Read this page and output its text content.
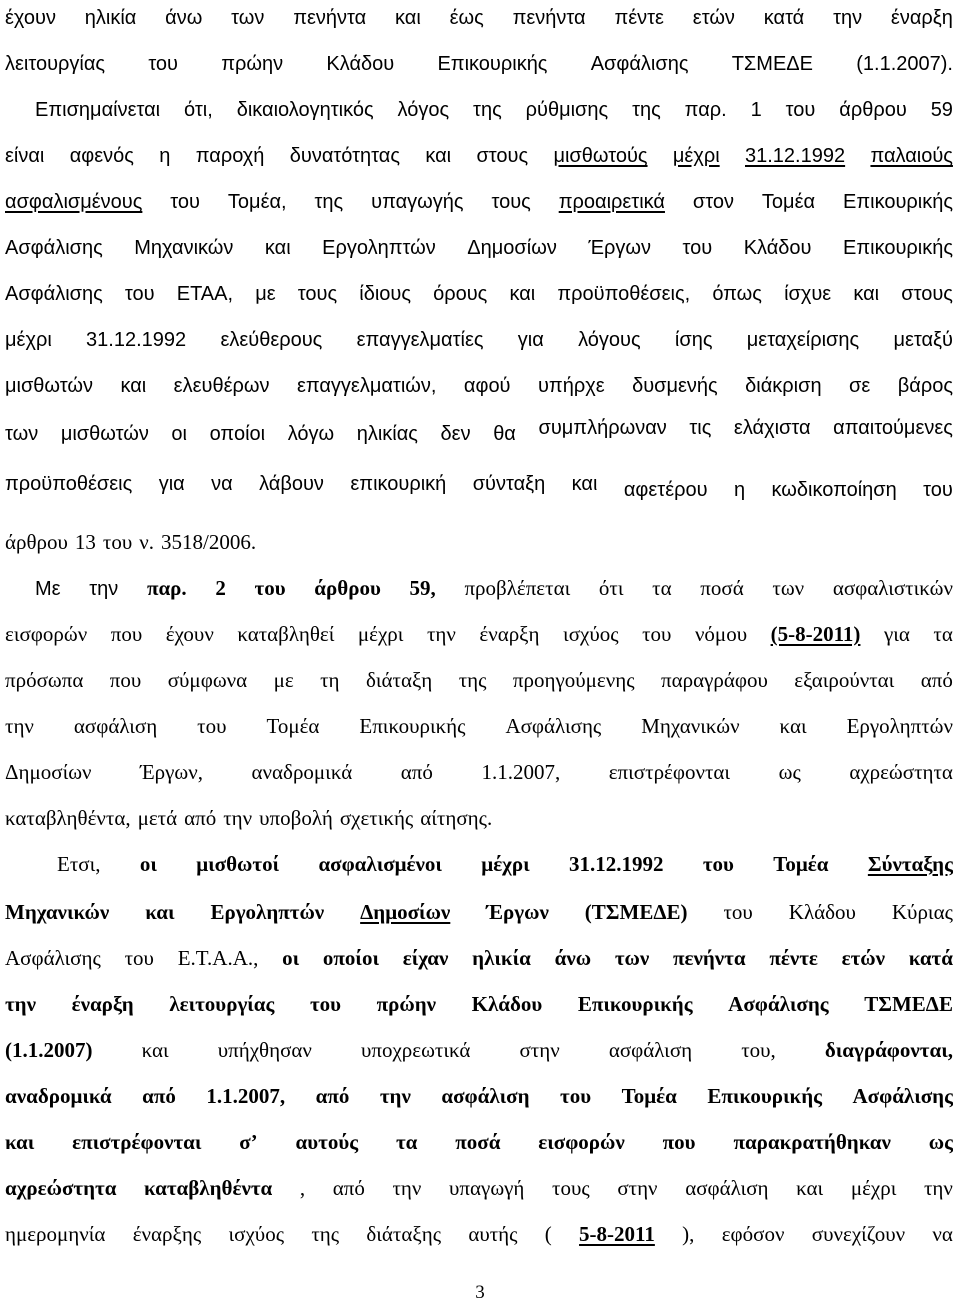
3
έχουν ηλικία άνω των πενήντα και έως πενήντα πέντε ετών κατά την έναρξη
λειτουργίας του πρώην Κλάδου Επικουρικής Ασφάλισης ΤΣΜΕΔΕ (1.1.2007).
Επισημαίνεται ότι, δικαιολογητικός λόγος της ρύθμισης της παρ. 1 του άρθρου 59
είναι αφενός η παροχή δυνατότητας και στους μισθωτούς μέχρι 31.12.1992 παλαιούς
ασφαλισμένους του Τομέα, της υπαγωγής τους προαιρετικά στον Τομέα Επικουρικής
Ασφάλισης Μηχανικών και Εργοληπτών Δημοσίων Έργων του Κλάδου Επικουρικής
Ασφάλισης του ΕΤΑΑ, με τους ίδιους όρους και προϋποθέσεις, όπως ίσχυε και στους
μέχρι 31.12.1992 ελεύθερους επαγγελματίες για λόγους ίσης μεταχείρισης μεταξύ
μισθωτών και ελευθέρων επαγγελματιών, αφού υπήρχε δυσμενής διάκριση σε βάρος
των μισθωτών οι οποίοι λόγω ηλικίας δεν θα συμπλήρωναν τις ελάχιστα απαιτούμενες
προϋποθέσεις για να λάβουν επικουρική σύνταξη και αφετέρου η κωδικοποίηση του
άρθρου 13 του ν. 3518/2006.
Με την παρ. 2 του άρθρου 59, προβλέπεται ότι τα ποσά των ασφαλιστικών
εισφορών που έχουν καταβληθεί μέχρι την έναρξη ισχύος του νόμου (5-8-2011) για τα
πρόσωπα που σύμφωνα με τη διάταξη της προηγούμενης παραγράφου εξαιρούνται από
την ασφάλιση του Τομέα Επικουρικής Ασφάλισης Μηχανικών και Εργοληπτών
Δημοσίων Έργων, αναδρομικά από 1.1.2007, επιστρέφονται ως αχρεώστητα
καταβληθέντα, μετά από την υποβολή σχετικής αίτησης.
Ετσι, οι μισθωτοί ασφαλισμένοι μέχρι 31.12.1992 του Τομέα Σύνταξης
Μηχανικών και Εργοληπτών Δημοσίων Έργων (ΤΣΜΕΔΕ) του Κλάδου Κύριας
Ασφάλισης του Ε.Τ.Α.Α., οι οποίοι είχαν ηλικία άνω των πενήντα πέντε ετών κατά
την έναρξη λειτουργίας του πρώην Κλάδου Επικουρικής Ασφάλισης ΤΣΜΕΔΕ
(1.1.2007) και υπήχθησαν υποχρεωτικά στην ασφάλιση του, διαγράφονται,
αναδρομικά από 1.1.2007, από την ασφάλιση του Τομέα Επικουρικής Ασφάλισης
και επιστρέφονται σ’ αυτούς τα ποσά εισφορών που παρακρατήθηκαν ως
αχρεώστητα καταβληθέντα , από την υπαγωγή τους στην ασφάλιση και μέχρι την
ημερομηνία έναρξης ισχύος της διάταξης αυτής ( 5-8-2011 ), εφόσον συνεχίζουν να
